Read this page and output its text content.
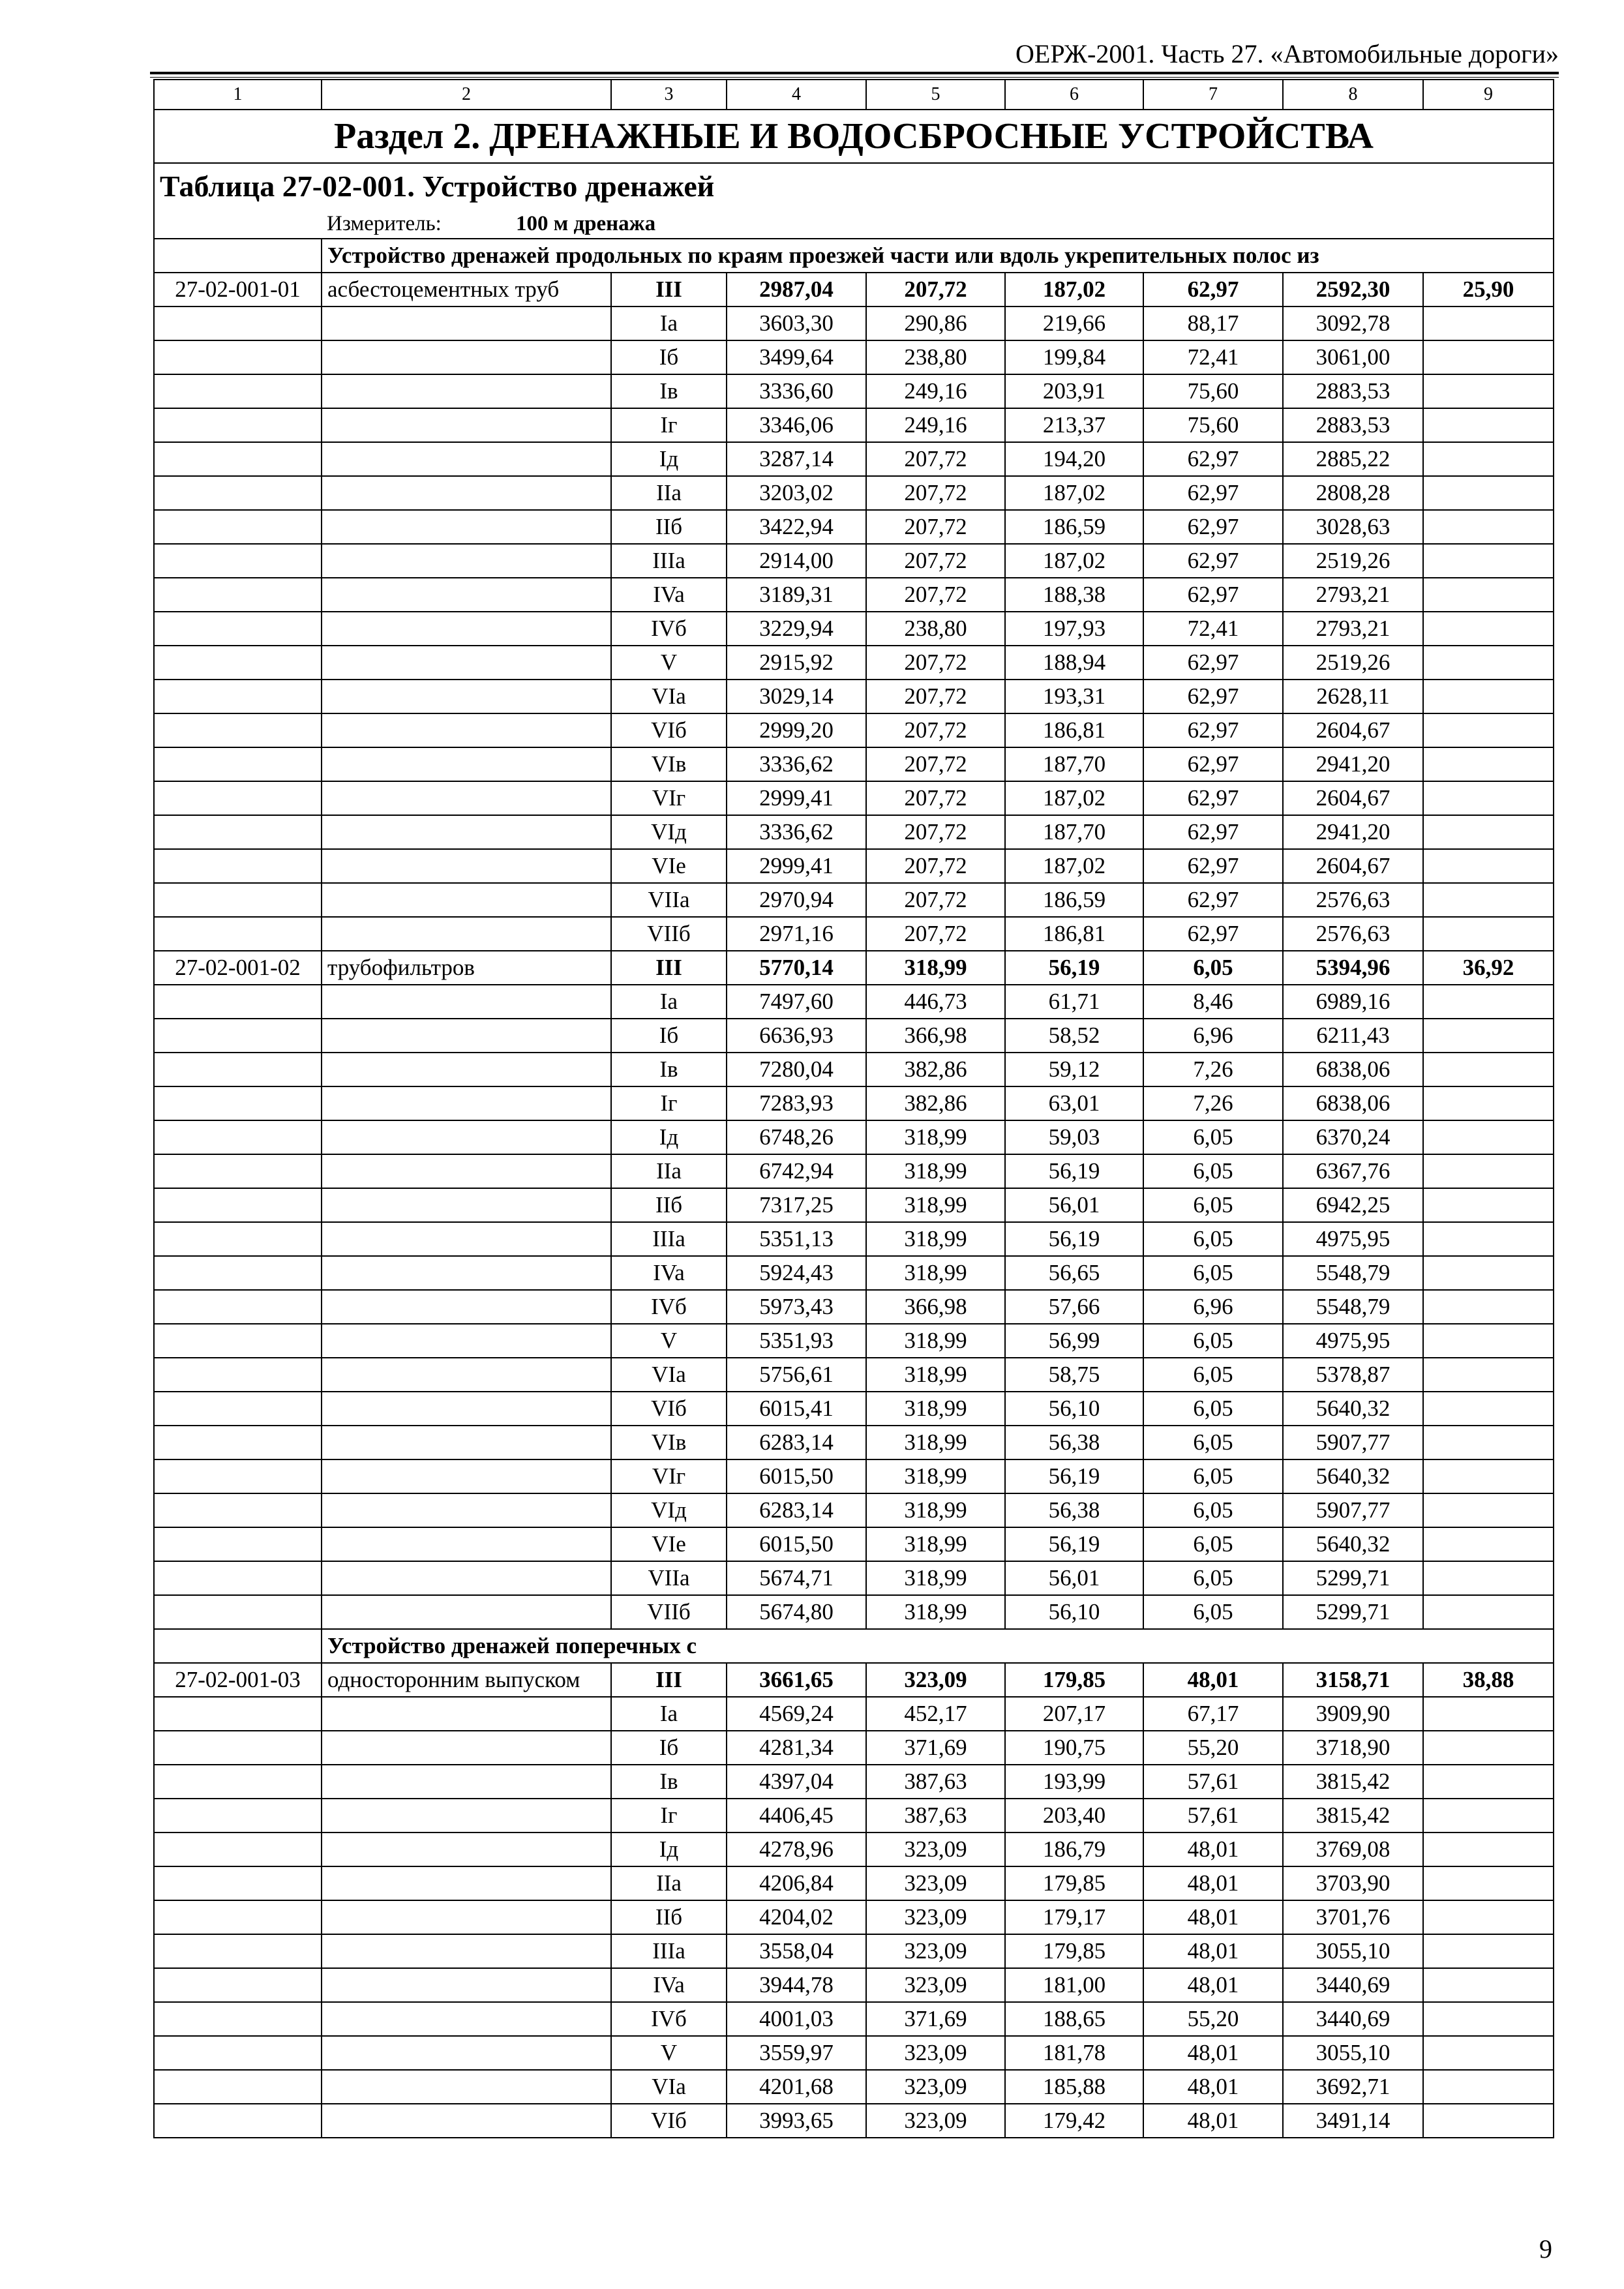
ОЕРЖ-2001. Часть 27. «Автомобильные дороги»
1	2	3	4	5	6	7	8	9
Раздел 2. ДРЕНАЖНЫЕ И ВОДОСБРОСНЫЕ УСТРОЙСТВА								
Таблица 27-02-001. Устройство дренажей								
	Измеритель: 100 м дренажа							
	Устройство дренажей продольных по краям проезжей части или вдоль укрепительных полос из							
27-02-001-01	асбестоцементных труб	III	2987,04	207,72	187,02	62,97	2592,30	25,90
		Ia	3603,30	290,86	219,66	88,17	3092,78	
		Iб	3499,64	238,80	199,84	72,41	3061,00	
		Iв	3336,60	249,16	203,91	75,60	2883,53	
		Iг	3346,06	249,16	213,37	75,60	2883,53	
		Iд	3287,14	207,72	194,20	62,97	2885,22	
		IIa	3203,02	207,72	187,02	62,97	2808,28	
		IIб	3422,94	207,72	186,59	62,97	3028,63	
		IIIa	2914,00	207,72	187,02	62,97	2519,26	
		IVa	3189,31	207,72	188,38	62,97	2793,21	
		IVб	3229,94	238,80	197,93	72,41	2793,21	
		V	2915,92	207,72	188,94	62,97	2519,26	
		VIa	3029,14	207,72	193,31	62,97	2628,11	
		VIб	2999,20	207,72	186,81	62,97	2604,67	
		VIв	3336,62	207,72	187,70	62,97	2941,20	
		VIг	2999,41	207,72	187,02	62,97	2604,67	
		VIд	3336,62	207,72	187,70	62,97	2941,20	
		VIe	2999,41	207,72	187,02	62,97	2604,67	
		VIIa	2970,94	207,72	186,59	62,97	2576,63	
		VIIб	2971,16	207,72	186,81	62,97	2576,63	
27-02-001-02	трубофильтров	III	5770,14	318,99	56,19	6,05	5394,96	36,92
		Ia	7497,60	446,73	61,71	8,46	6989,16	
		Iб	6636,93	366,98	58,52	6,96	6211,43	
		Iв	7280,04	382,86	59,12	7,26	6838,06	
		Iг	7283,93	382,86	63,01	7,26	6838,06	
		Iд	6748,26	318,99	59,03	6,05	6370,24	
		IIa	6742,94	318,99	56,19	6,05	6367,76	
		IIб	7317,25	318,99	56,01	6,05	6942,25	
		IIIa	5351,13	318,99	56,19	6,05	4975,95	
		IVa	5924,43	318,99	56,65	6,05	5548,79	
		IVб	5973,43	366,98	57,66	6,96	5548,79	
		V	5351,93	318,99	56,99	6,05	4975,95	
		VIa	5756,61	318,99	58,75	6,05	5378,87	
		VIб	6015,41	318,99	56,10	6,05	5640,32	
		VIв	6283,14	318,99	56,38	6,05	5907,77	
		VIг	6015,50	318,99	56,19	6,05	5640,32	
		VIд	6283,14	318,99	56,38	6,05	5907,77	
		VIe	6015,50	318,99	56,19	6,05	5640,32	
		VIIa	5674,71	318,99	56,01	6,05	5299,71	
		VIIб	5674,80	318,99	56,10	6,05	5299,71	
	Устройство дренажей поперечных с							
27-02-001-03	односторонним выпуском	III	3661,65	323,09	179,85	48,01	3158,71	38,88
		Ia	4569,24	452,17	207,17	67,17	3909,90	
		Iб	4281,34	371,69	190,75	55,20	3718,90	
		Iв	4397,04	387,63	193,99	57,61	3815,42	
		Iг	4406,45	387,63	203,40	57,61	3815,42	
		Iд	4278,96	323,09	186,79	48,01	3769,08	
		IIa	4206,84	323,09	179,85	48,01	3703,90	
		IIб	4204,02	323,09	179,17	48,01	3701,76	
		IIIa	3558,04	323,09	179,85	48,01	3055,10	
		IVa	3944,78	323,09	181,00	48,01	3440,69	
		IVб	4001,03	371,69	188,65	55,20	3440,69	
		V	3559,97	323,09	181,78	48,01	3055,10	
		VIa	4201,68	323,09	185,88	48,01	3692,71	
		VIб	3993,65	323,09	179,42	48,01	3491,14	
9
